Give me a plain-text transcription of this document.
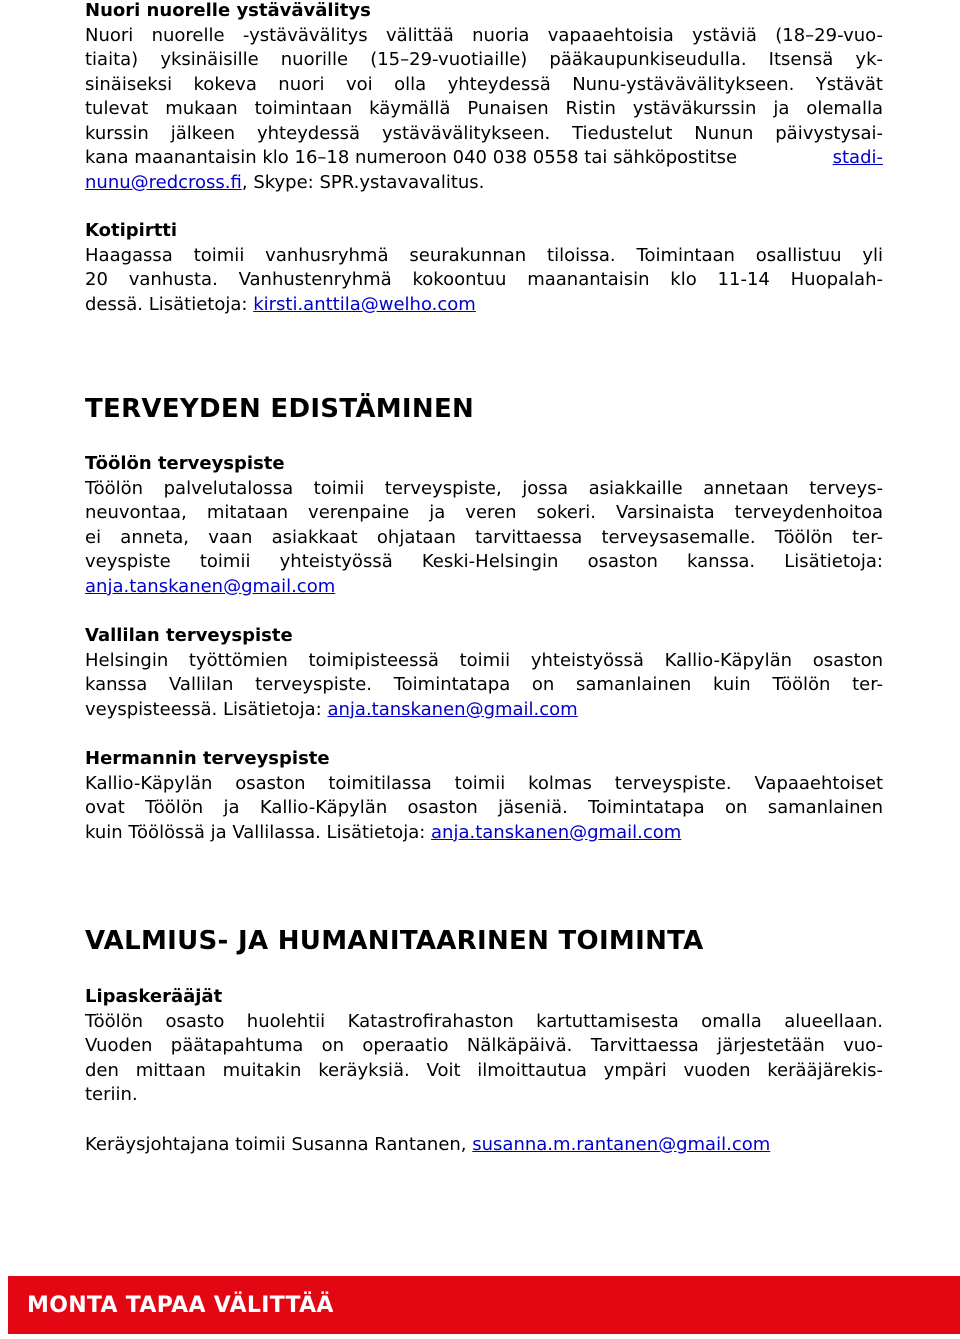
Nuori nuorelle ystävävälitys
Nuori nuorelle -ystävävälitys välittää nuoria vapaaehtoisia ystäviä (18–29-vuo-
tiaita) yksinäisille nuorille (15–29-vuotiaille) pääkaupunkiseudulla. Itsensä yk-
sinäiseksi kokeva nuori voi olla yhteydessä Nunu-ystävävälitykseen. Ystävät
tulevat mukaan toimintaan käymällä Punaisen Ristin ystäväkurssin ja olemalla
kurssin jälkeen yhteydessä ystävävälitykseen. Tiedustelut Nunun päivystysai-
kana maanantaisin klo 16–18 numeroon 040 038 0558 tai sähköpostitse	stadi-
nunu@redcross.fi, Skype: SPR.ystavavalitus.
Kotipirtti
Haagassa toimii vanhusryhmä seurakunnan tiloissa. Toimintaan osallistuu yli
20 vanhusta. Vanhustenryhmä kokoontuu maanantaisin klo 11-14 Huopalah-
dessä. Lisätietoja: kirsti.anttila@welho.com
TERVEYDEN EDISTÄMINEN
Töölön terveyspiste
Töölön palvelutalossa toimii terveyspiste, jossa asiakkaille annetaan terveys-
neuvontaa, mitataan verenpaine ja veren sokeri. Varsinaista terveydenhoitoa
ei anneta, vaan asiakkaat ohjataan tarvittaessa terveysasemalle. Töölön ter-
veyspiste toimii yhteistyössä Keski-Helsingin osaston kanssa. Lisätietoja:
anja.tanskanen@gmail.com
Vallilan terveyspiste
Helsingin työttömien toimipisteessä toimii yhteistyössä Kallio-Käpylän osaston
kanssa Vallilan terveyspiste. Toimintatapa on samanlainen kuin Töölön ter-
veyspisteessä. Lisätietoja: anja.tanskanen@gmail.com
Hermannin terveyspiste
Kallio-Käpylän osaston toimitilassa toimii kolmas terveyspiste. Vapaaehtoiset
ovat Töölön ja Kallio-Käpylän osaston jäseniä. Toimintatapa on samanlainen
kuin Töölössä ja Vallilassa. Lisätietoja: anja.tanskanen@gmail.com
VALMIUS- JA HUMANITAARINEN TOIMINTA
Lipaskerääjät
Töölön osasto huolehtii Katastrofirahaston kartuttamisesta omalla alueellaan.
Vuoden päätapahtuma on operaatio Nälkäpäivä. Tarvittaessa järjestetään vuo-
den mittaan muitakin keräyksiä. Voit ilmoittautua ympäri vuoden kerääjärekis-
teriin.
Keräysjohtajana toimii Susanna Rantanen, susanna.m.rantanen@gmail.com
MONTA TAPAA VÄLITTÄÄ
